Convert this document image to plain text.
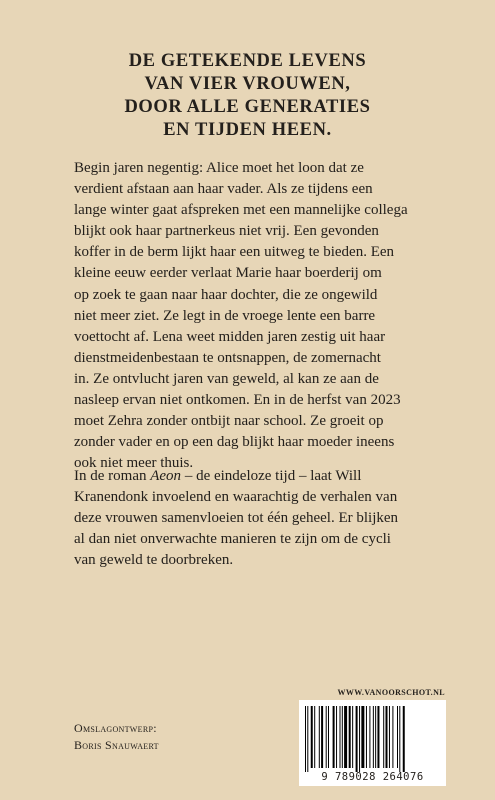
DE GETEKENDE LEVENS
VAN VIER VROUWEN,
DOOR ALLE GENERATIES
EN TIJDEN HEEN.

Begin jaren negentig: Alice moet het loon dat ze
verdient afstaan aan haar vader. Als ze tijdens een
lange winter gaat afspreken met een mannelijke collega
blijkt ook haar partnerkeus niet vrij. Een gevonden
koffer in de berm lijkt haar een uitweg te bieden. Een
kleine eeuw eerder verlaat Marie haar boerderij om
op zoek te gaan naar haar dochter, die ze ongewild
niet meer ziet. Ze legt in de vroege lente een barre
voettocht af. Lena weet midden jaren zestig uit haar
dienstmeidenbestaan te ontsnappen, de zomernacht
in. Ze ontvlucht jaren van geweld, al kan ze aan de
nasleep ervan niet ontkomen. En in de herfst van 2023
moet Zehra zonder ontbijt naar school. Ze groeit op
zonder vader en op een dag blijkt haar moeder ineens
ook niet meer thuis.

In de roman Aeon – de eindeloze tijd – laat Will
Kranendonk invoelend en waarachtig de verhalen van
deze vrouwen samenvloeien tot één geheel. Er blijken
al dan niet onverwachte manieren te zijn om de cycli
van geweld te doorbreken.

Omslagontwerp:
Boris Snauwaert
WWW.VANOORSCHOT.NL
9 789028 264076
